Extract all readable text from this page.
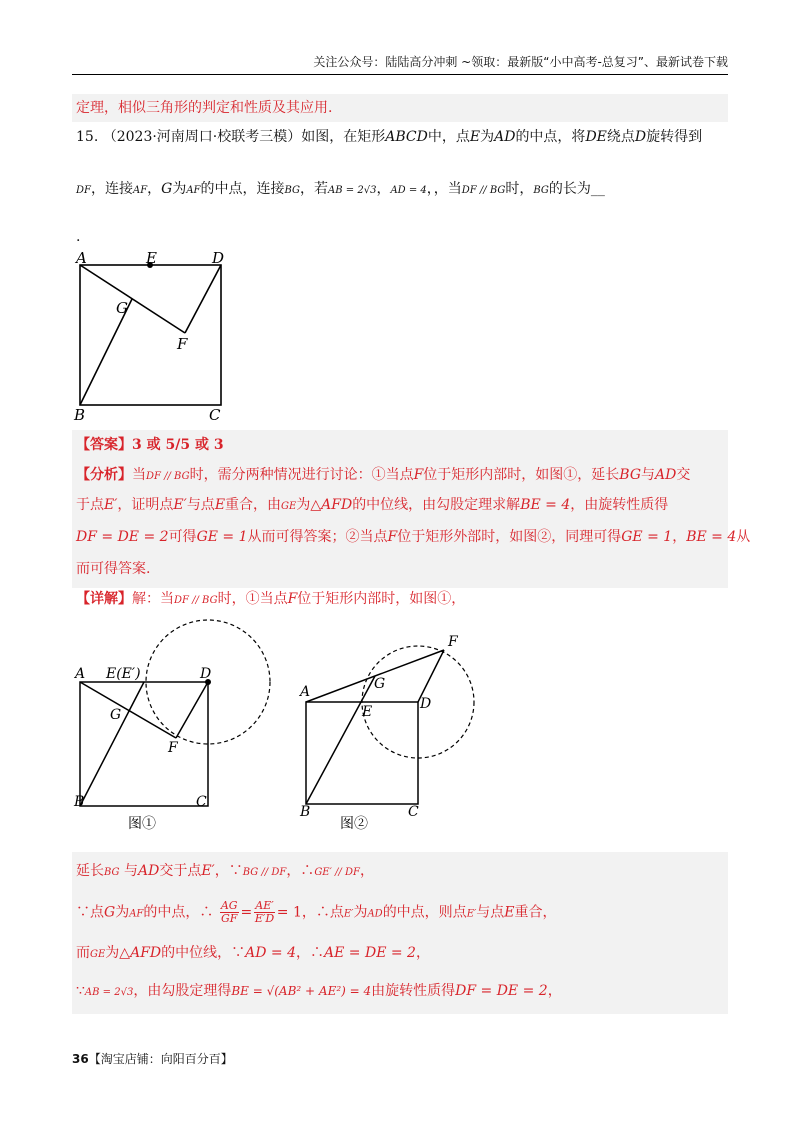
关注公众号：陆陆高分冲刺 ~领取：最新版“小中高考-总复习”、最新试卷下载
定理，相似三角形的判定和性质及其应用.
15. （2023·河南周口·校联考三模）如图，在矩形ABCD中，点E为AD的中点，将DE绕点D旋转得到
DF，连接AF，G为AF的中点，连接BG，若AB = 2√3，AD = 4，，当DF // BG时，BG的长为__
.
A	E	D
G
F
B	C
【答案】3 或 5/5 或 3
【分析】当DF // BG时，需分两种情况进行讨论：①当点F位于矩形内部时，如图①，延长BG与AD交
于点E′，证明点E′与点E重合，由GE为△AFD的中位线，由勾股定理求解BE = 4，由旋转性质得
DF = DE = 2可得GE = 1从而可得答案；②当点F位于矩形外部时，如图②，同理可得GE = 1，BE = 4从
而可得答案.
【详解】解：当DF // BG时，①当点F位于矩形内部时，如图①，
A E(E′)	D
G
F
B	C
图①
F
G
A
E	D
B	C
图②
延长BG 与AD交于点E′，∵BG // DF，∴GE′ // DF，
∵点G为AF的中点，∴ $\frac{AG}{GF} = \frac{AE'}{E'D} = 1$，∴点E′为AD的中点，则点E′与点E重合，
而GE为△AFD的中位线，∵AD = 4，∴AE = DE = 2，
∵AB = 2√3，由勾股定理得BE = √(AB² + AE²) = 4由旋转性质得DF = DE = 2，
36【淘宝店铺：向阳百分百】
